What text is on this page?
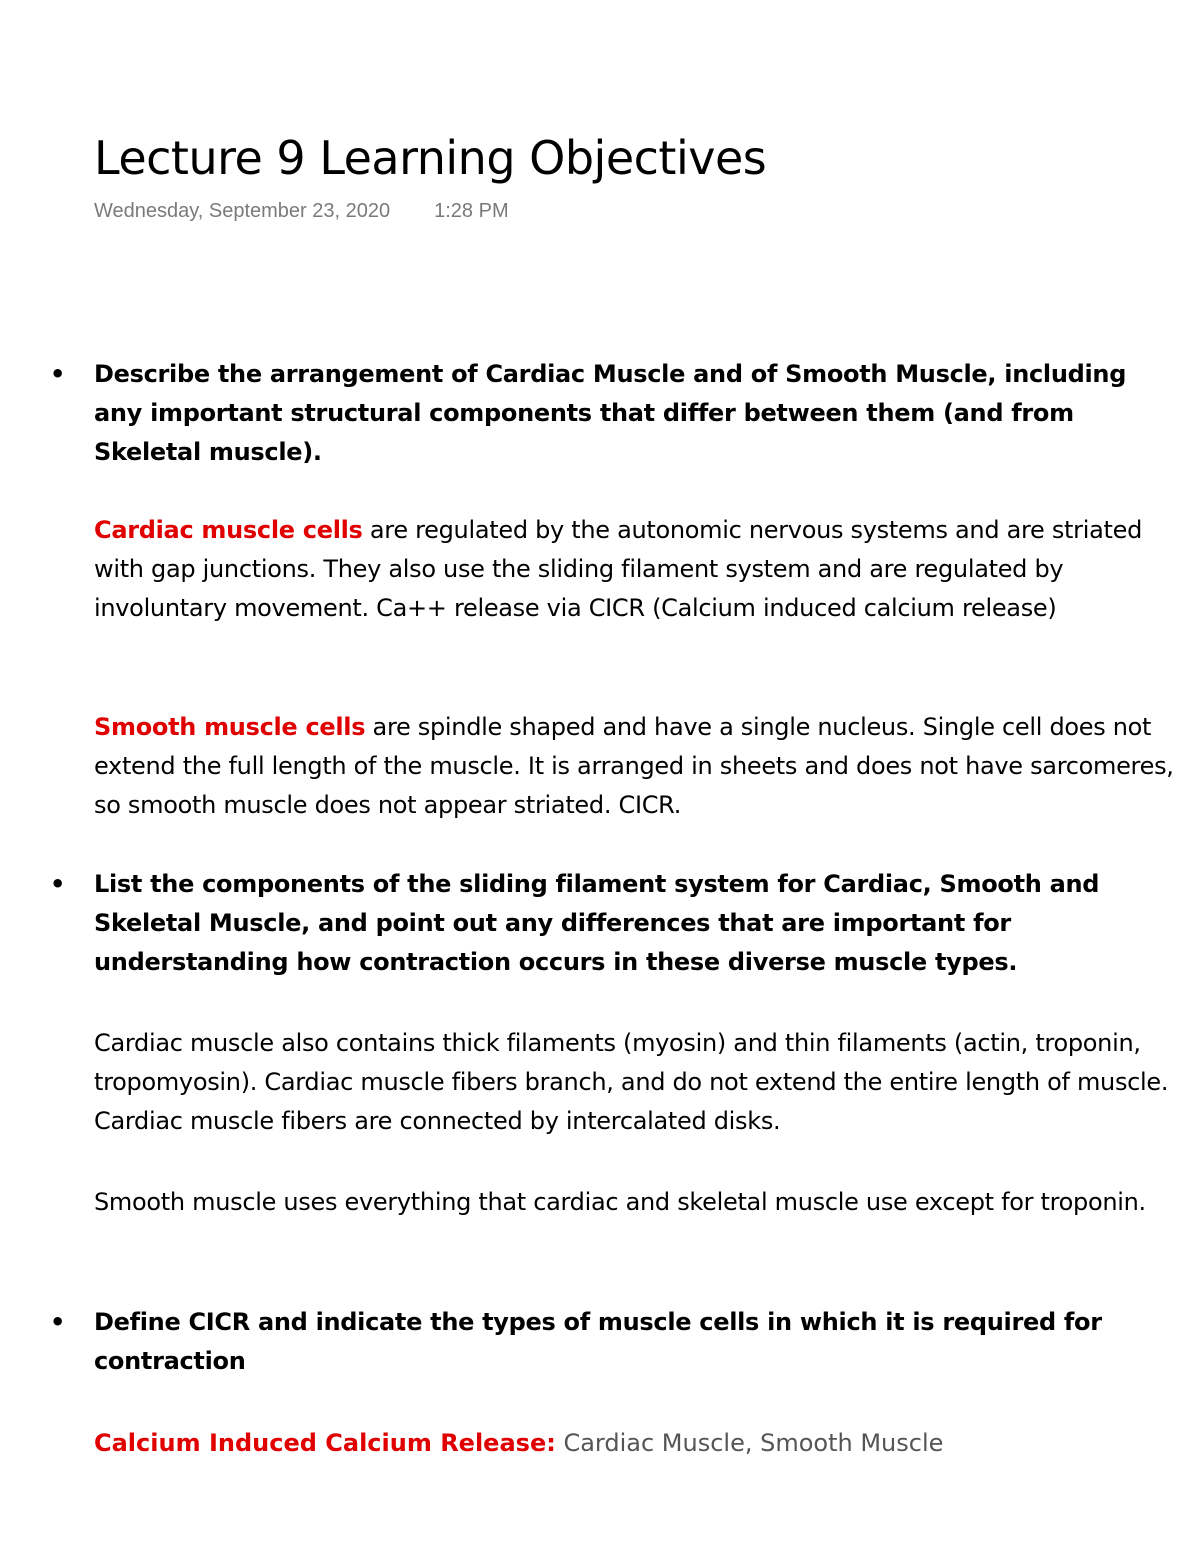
Lecture 9 Learning Objectives
Wednesday, September 23, 2020 1:28 PM
• Describe the arrangement of Cardiac Muscle and of Smooth Muscle, including any important structural components that differ between them (and from Skeletal muscle).
Cardiac muscle cells are regulated by the autonomic nervous systems and are striated with gap junctions. They also use the sliding filament system and are regulated by involuntary movement. Ca++ release via CICR (Calcium induced calcium release)
Smooth muscle cells are spindle shaped and have a single nucleus. Single cell does not extend the full length of the muscle. It is arranged in sheets and does not have sarcomeres, so smooth muscle does not appear striated. CICR.
• List the components of the sliding filament system for Cardiac, Smooth and Skeletal Muscle, and point out any differences that are important for understanding how contraction occurs in these diverse muscle types.
Cardiac muscle also contains thick filaments (myosin) and thin filaments (actin, troponin, tropomyosin). Cardiac muscle fibers branch, and do not extend the entire length of muscle. Cardiac muscle fibers are connected by intercalated disks.
Smooth muscle uses everything that cardiac and skeletal muscle use except for troponin.
• Define CICR and indicate the types of muscle cells in which it is required for contraction
Calcium Induced Calcium Release: Cardiac Muscle, Smooth Muscle
